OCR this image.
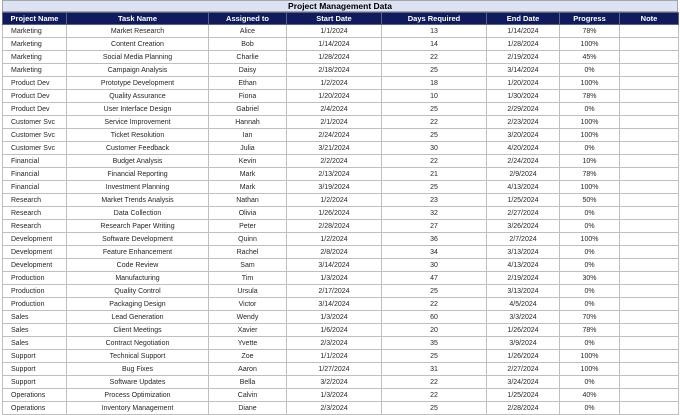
Project Management Data
Project Name	Task Name	Assigned to	Start Date	Days Required	End Date	Progress	Note
Marketing	Market Research	Alice	1/1/2024	13	1/14/2024	78%	
Marketing	Content Creation	Bob	1/14/2024	14	1/28/2024	100%	
Marketing	Social Media Planning	Charlie	1/28/2024	22	2/19/2024	45%	
Marketing	Campaign Analysis	Daisy	2/18/2024	25	3/14/2024	0%	
Product Dev	Prototype Development	Ethan	1/2/2024	18	1/20/2024	100%	
Product Dev	Quality Assurance	Fiona	1/20/2024	10	1/30/2024	78%	
Product Dev	User Interface Design	Gabriel	2/4/2024	25	2/29/2024	0%	
Customer Svc	Service Improvement	Hannah	2/1/2024	22	2/23/2024	100%	
Customer Svc	Ticket Resolution	Ian	2/24/2024	25	3/20/2024	100%	
Customer Svc	Customer Feedback	Julia	3/21/2024	30	4/20/2024	0%	
Financial	Budget Analysis	Kevin	2/2/2024	22	2/24/2024	10%	
Financial	Financial Reporting	Mark	2/13/2024	21	2/9/2024	78%	
Financial	Investment Planning	Mark	3/19/2024	25	4/13/2024	100%	
Research	Market Trends Analysis	Nathan	1/2/2024	23	1/25/2024	50%	
Research	Data Collection	Olivia	1/26/2024	32	2/27/2024	0%	
Research	Research Paper Writing	Peter	2/28/2024	27	3/26/2024	0%	
Development	Software Development	Quinn	1/2/2024	36	2/7/2024	100%	
Development	Feature Enhancement	Rachel	2/8/2024	34	3/13/2024	0%	
Development	Code Review	Sam	3/14/2024	30	4/13/2024	0%	
Production	Manufacturing	Tim	1/3/2024	47	2/19/2024	30%	
Production	Quality Control	Ursula	2/17/2024	25	3/13/2024	0%	
Production	Packaging Design	Victor	3/14/2024	22	4/5/2024	0%	
Sales	Lead Generation	Wendy	1/3/2024	60	3/3/2024	70%	
Sales	Client Meetings	Xavier	1/6/2024	20	1/26/2024	78%	
Sales	Contract Negotiation	Yvette	2/3/2024	35	3/9/2024	0%	
Support	Technical Support	Zoe	1/1/2024	25	1/26/2024	100%	
Support	Bug Fixes	Aaron	1/27/2024	31	2/27/2024	100%	
Support	Software Updates	Bella	3/2/2024	22	3/24/2024	0%	
Operations	Process Optimization	Calvin	1/3/2024	22	1/25/2024	40%	
Operations	Inventory Management	Diane	2/3/2024	25	2/28/2024	0%	
